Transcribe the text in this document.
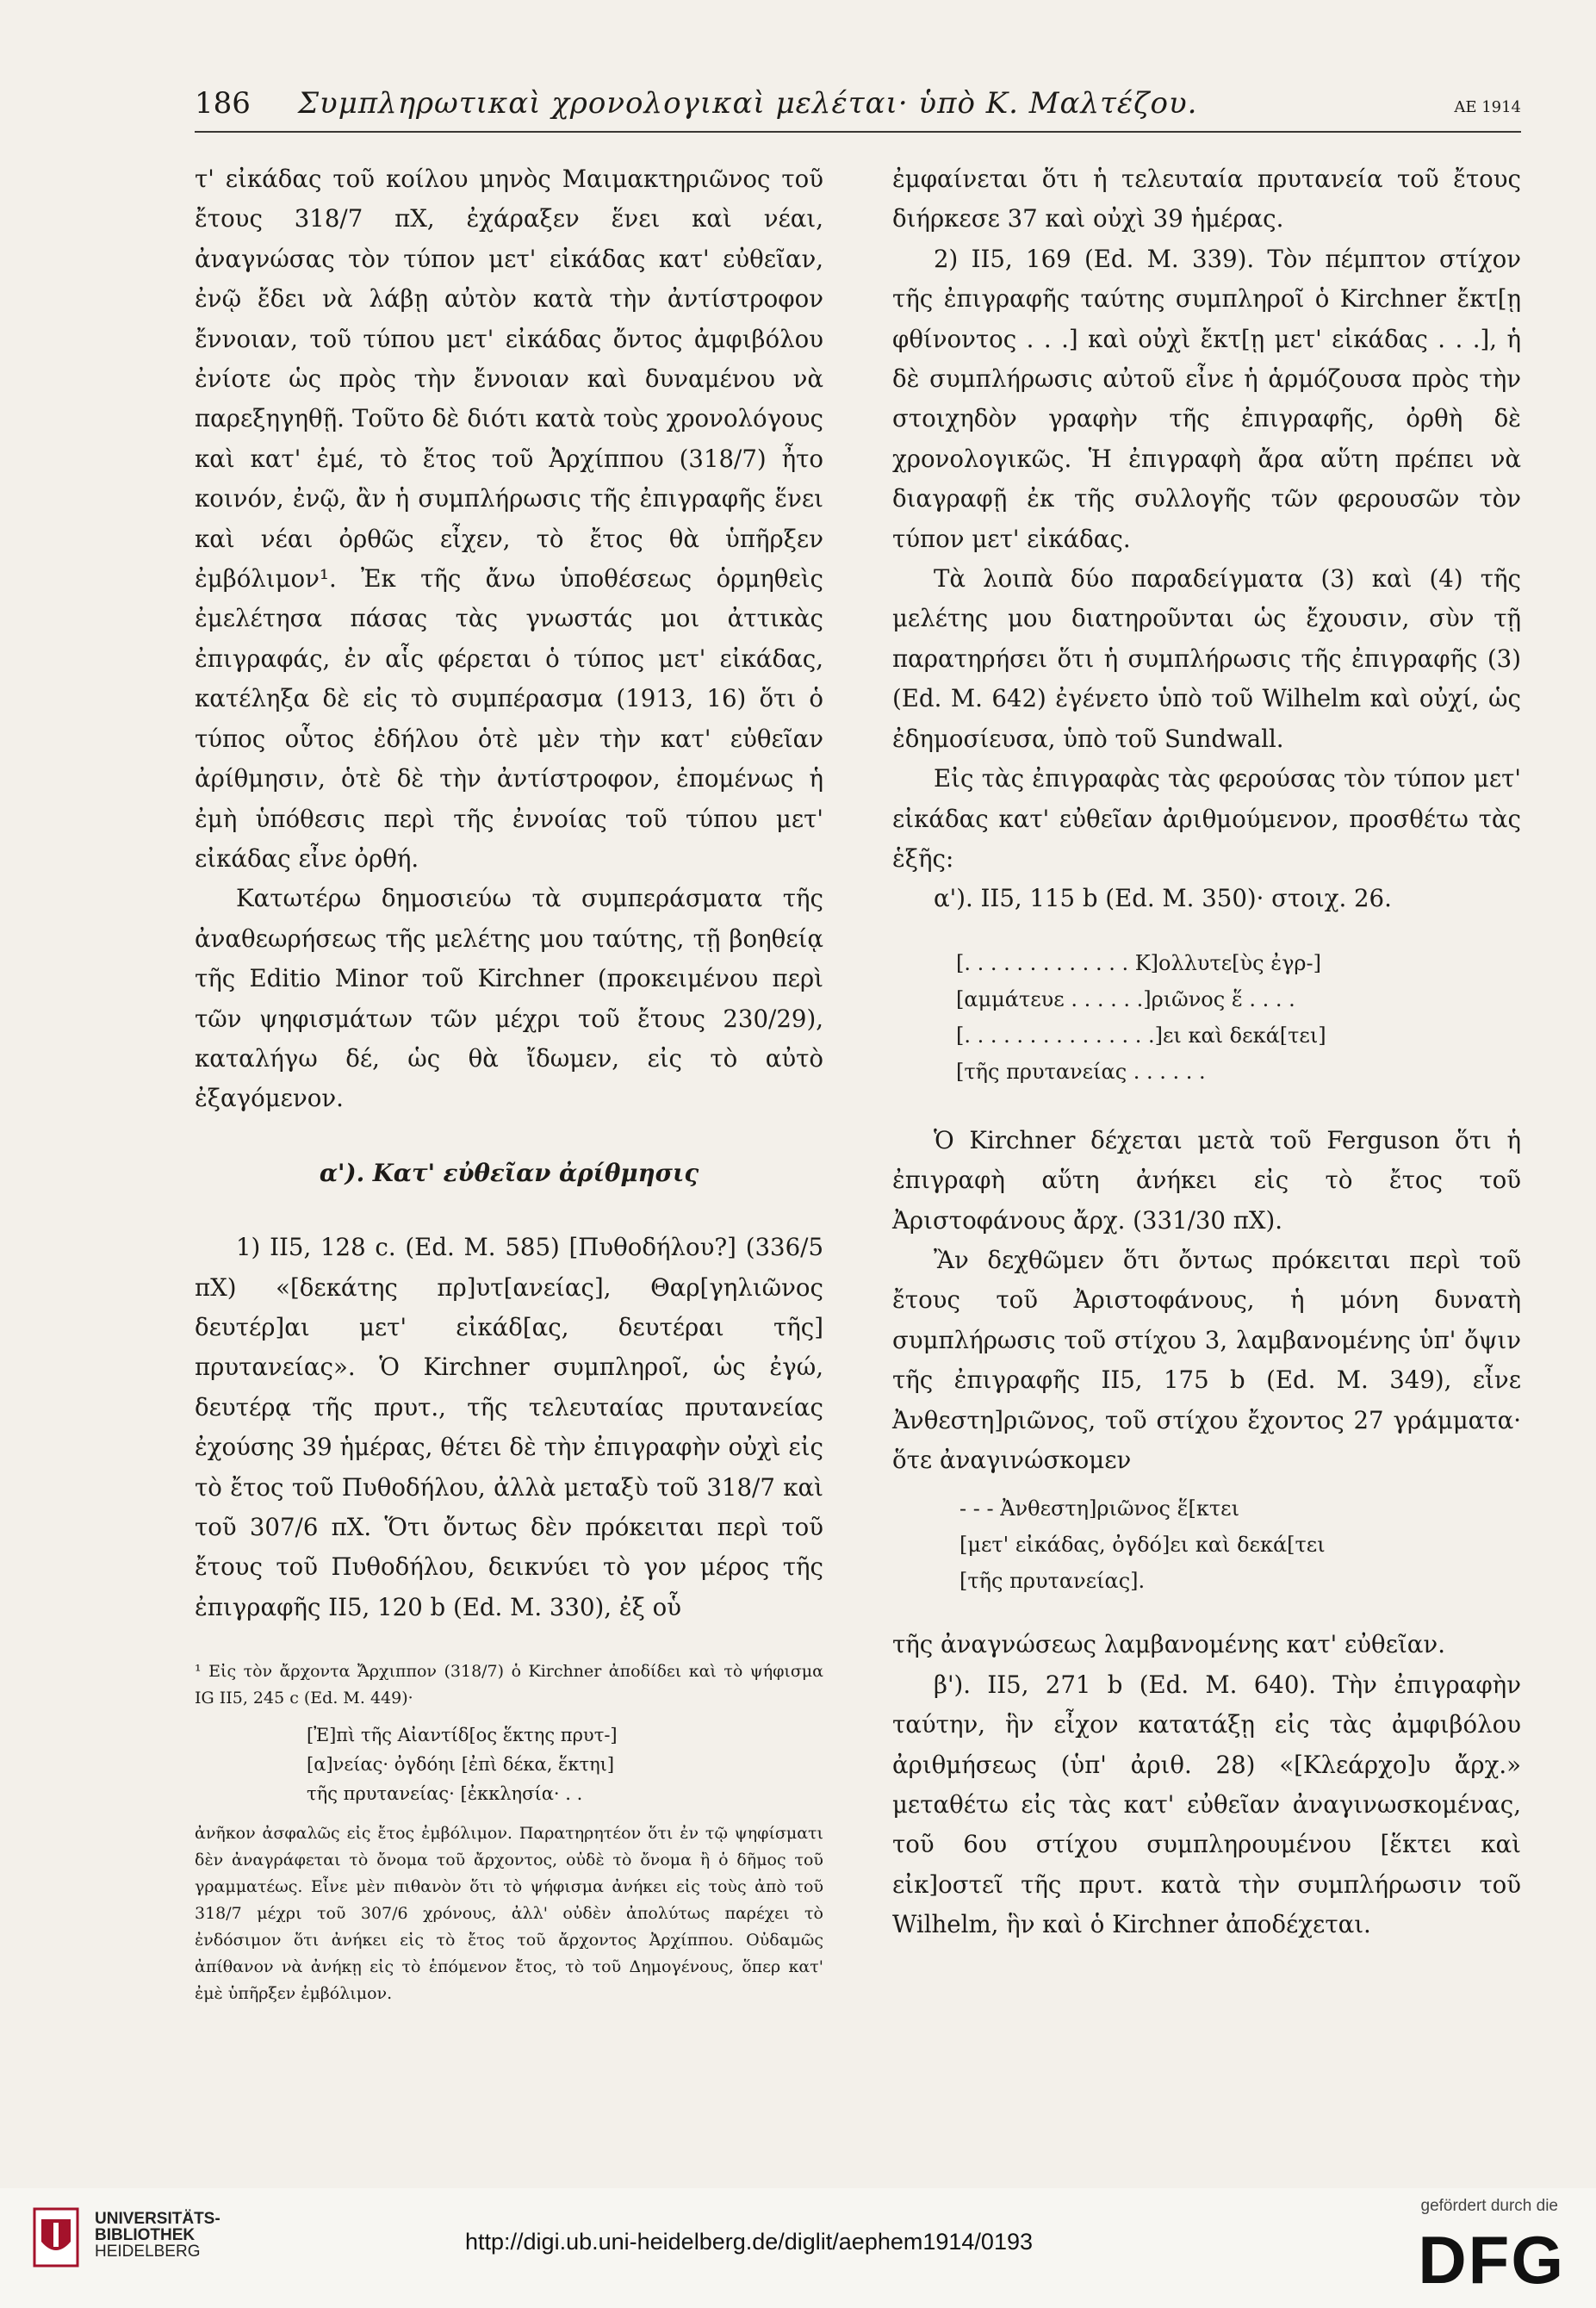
186 Συμπληρωτικαὶ χρονολογικαὶ μελέται· ὑπὸ Κ. Μαλτέζου.	ΑΕ 1914

τ' εἰκάδας τοῦ κοίλου μηνὸς Μαιμακτηριῶνος τοῦ ἔτους 318/7 πΧ, ἐχάραξεν ἕνει καὶ νέαι, ἀναγνώσας τὸν τύπον μετ' εἰκάδας κατ' εὐθεῖαν, ἐνῷ ἔδει νὰ λάβῃ αὐτὸν κατὰ τὴν ἀντίστροφον ἔννοιαν, τοῦ τύπου μετ' εἰκάδας ὄντος ἀμφιβόλου ἐνίοτε ὡς πρὸς τὴν ἔννοιαν καὶ δυναμένου νὰ παρεξηγηθῇ. Τοῦτο δὲ διότι κατὰ τοὺς χρονολόγους καὶ κατ' ἐμέ, τὸ ἔτος τοῦ Ἀρχίππου (318/7) ἦτο κοινόν, ἐνῷ, ἂν ἡ συμπλήρωσις τῆς ἐπιγραφῆς ἕνει καὶ νέαι ὀρθῶς εἶχεν, τὸ ἔτος θὰ ὑπῆρξεν ἐμβόλιμον¹. Ἐκ τῆς ἄνω ὑποθέσεως ὁρμηθεὶς ἐμελέτησα πάσας τὰς γνωστάς μοι ἀττικὰς ἐπιγραφάς, ἐν αἷς φέρεται ὁ τύπος μετ' εἰκάδας, κατέληξα δὲ εἰς τὸ συμπέρασμα (1913, 16) ὅτι ὁ τύπος οὗτος ἐδήλου ὁτὲ μὲν τὴν κατ' εὐθεῖαν ἀρίθμησιν, ὁτὲ δὲ τὴν ἀντίστροφον, ἐπομένως ἡ ἐμὴ ὑπόθεσις περὶ τῆς ἐννοίας τοῦ τύπου μετ' εἰκάδας εἶνε ὀρθή.

Κατωτέρω δημοσιεύω τὰ συμπεράσματα τῆς ἀναθεωρήσεως τῆς μελέτης μου ταύτης, τῇ βοηθείᾳ τῆς Editio Minor τοῦ Kirchner (προκειμένου περὶ τῶν ψηφισμάτων τῶν μέχρι τοῦ ἔτους 230/29), καταλήγω δέ, ὡς θὰ ἴδωμεν, εἰς τὸ αὐτὸ ἐξαγόμενον.

α'). Κατ' εὐθεῖαν ἀρίθμησις

1) II5, 128 c. (Ed. M. 585) [Πυθοδήλου?] (336/5 πΧ) «[δεκάτης πρ]υτ[ανείας], Θαρ[γηλιῶνος δευτέρ]αι μετ' εἰκάδ[ας, δευτέραι τῆς] πρυτανείας». Ὁ Kirchner συμπληροῖ, ὡς ἐγώ, δευτέρᾳ τῆς πρυτ., τῆς τελευταίας πρυτανείας ἐχούσης 39 ἡμέρας, θέτει δὲ τὴν ἐπιγραφὴν οὐχὶ εἰς τὸ ἔτος τοῦ Πυθοδήλου, ἀλλὰ μεταξὺ τοῦ 318/7 καὶ τοῦ 307/6 πΧ. Ὅτι ὄντως δὲν πρόκειται περὶ τοῦ ἔτους τοῦ Πυθοδήλου, δεικνύει τὸ γον μέρος τῆς ἐπιγραφῆς II5, 120 b (Ed. M. 330), ἐξ οὗ

¹ Εἰς τὸν ἄρχοντα Ἄρχιππον (318/7) ὁ Kirchner ἀποδίδει καὶ τὸ ψήφισμα IG II5, 245 c (Ed. M. 449)·

[Ἐ]πὶ τῆς Αἰαντίδ[ος ἕκτης πρυτ-]
[α]νείας· ὀγδόηι [ἐπὶ δέκα, ἕκτηι]
τῆς πρυτανείας· [ἐκκλησία· . .

ἀνῆκον ἀσφαλῶς εἰς ἔτος ἐμβόλιμον. Παρατηρητέον ὅτι ἐν τῷ ψηφίσματι δὲν ἀναγράφεται τὸ ὄνομα τοῦ ἄρχοντος, οὐδὲ τὸ ὄνομα ἢ ὁ δῆμος τοῦ γραμματέως. Εἶνε μὲν πιθανὸν ὅτι τὸ ψήφισμα ἀνήκει εἰς τοὺς ἀπὸ τοῦ 318/7 μέχρι τοῦ 307/6 χρόνους, ἀλλ' οὐδὲν ἀπολύτως παρέχει τὸ ἐνδόσιμον ὅτι ἀνήκει εἰς τὸ ἔτος τοῦ ἄρχοντος Ἀρχίππου. Οὐδαμῶς ἀπίθανον νὰ ἀνήκῃ εἰς τὸ ἑπόμενον ἔτος, τὸ τοῦ Δημογένους, ὅπερ κατ' ἐμὲ ὑπῆρξεν ἐμβόλιμον.

ἐμφαίνεται ὅτι ἡ τελευταία πρυτανεία τοῦ ἔτους διήρκεσε 37 καὶ οὐχὶ 39 ἡμέρας.

2) II5, 169 (Ed. M. 339). Τὸν πέμπτον στίχον τῆς ἐπιγραφῆς ταύτης συμπληροῖ ὁ Kirchner ἔκτ[ῃ φθίνοντος . . .] καὶ οὐχὶ ἔκτ[ῃ μετ' εἰκάδας . . .], ἡ δὲ συμπλήρωσις αὐτοῦ εἶνε ἡ ἁρμόζουσα πρὸς τὴν στοιχηδὸν γραφὴν τῆς ἐπιγραφῆς, ὀρθὴ δὲ χρονολογικῶς. Ἡ ἐπιγραφὴ ἄρα αὕτη πρέπει νὰ διαγραφῇ ἐκ τῆς συλλογῆς τῶν φερουσῶν τὸν τύπον μετ' εἰκάδας.

Τὰ λοιπὰ δύο παραδείγματα (3) καὶ (4) τῆς μελέτης μου διατηροῦνται ὡς ἔχουσιν, σὺν τῇ παρατηρήσει ὅτι ἡ συμπλήρωσις τῆς ἐπιγραφῆς (3) (Ed. M. 642) ἐγένετο ὑπὸ τοῦ Wilhelm καὶ οὐχί, ὡς ἐδημοσίευσα, ὑπὸ τοῦ Sundwall.

Εἰς τὰς ἐπιγραφὰς τὰς φερούσας τὸν τύπον μετ' εἰκάδας κατ' εὐθεῖαν ἀριθμούμενον, προσθέτω τὰς ἑξῆς:

α'). II5, 115 b (Ed. M. 350)· στοιχ. 26.

[. . . . . . . . . . . . . Κ]ολλυτε[ὺς ἐγρ-]
[αμμάτευε . . . . . .]ριῶνος ἕ . . . .
[. . . . . . . . . . . . . . .]ει καὶ δεκά[τει]
[τῆς πρυτανείας . . . . . .

Ὁ Kirchner δέχεται μετὰ τοῦ Ferguson ὅτι ἡ ἐπιγραφὴ αὕτη ἀνήκει εἰς τὸ ἔτος τοῦ Ἀριστοφάνους ἄρχ. (331/30 πΧ).

Ἂν δεχθῶμεν ὅτι ὄντως πρόκειται περὶ τοῦ ἔτους τοῦ Ἀριστοφάνους, ἡ μόνη δυνατὴ συμπλήρωσις τοῦ στίχου 3, λαμβανομένης ὑπ' ὄψιν τῆς ἐπιγραφῆς II5, 175 b (Ed. M. 349), εἶνε Ἀνθεστη]ριῶνος, τοῦ στίχου ἔχοντος 27 γράμματα· ὅτε ἀναγινώσκομεν

- - - Ἀνθεστη]ριῶνος ἕ[κτει
[μετ' εἰκάδας, ὀγδό]ει καὶ δεκά[τει
[τῆς πρυτανείας].

τῆς ἀναγνώσεως λαμβανομένης κατ' εὐθεῖαν.

β'). II5, 271 b (Ed. M. 640). Τὴν ἐπιγραφὴν ταύτην, ἣν εἶχον κατατάξῃ εἰς τὰς ἀμφιβόλου ἀριθμήσεως (ὑπ' ἀριθ. 28) «[Κλεάρχο]υ ἄρχ.» μεταθέτω εἰς τὰς κατ' εὐθεῖαν ἀναγινωσκομένας, τοῦ 6ου στίχου συμπληρουμένου [ἕκτει καὶ εἰκ]οστεῖ τῆς πρυτ. κατὰ τὴν συμπλήρωσιν τοῦ Wilhelm, ἣν καὶ ὁ Kirchner ἀποδέχεται.

UNIVERSITÄTS-
BIBLIOTHEK
HEIDELBERG	http://digi.ub.uni-heidelberg.de/diglit/aephem1914/0193
gefördert durch die
DFG
